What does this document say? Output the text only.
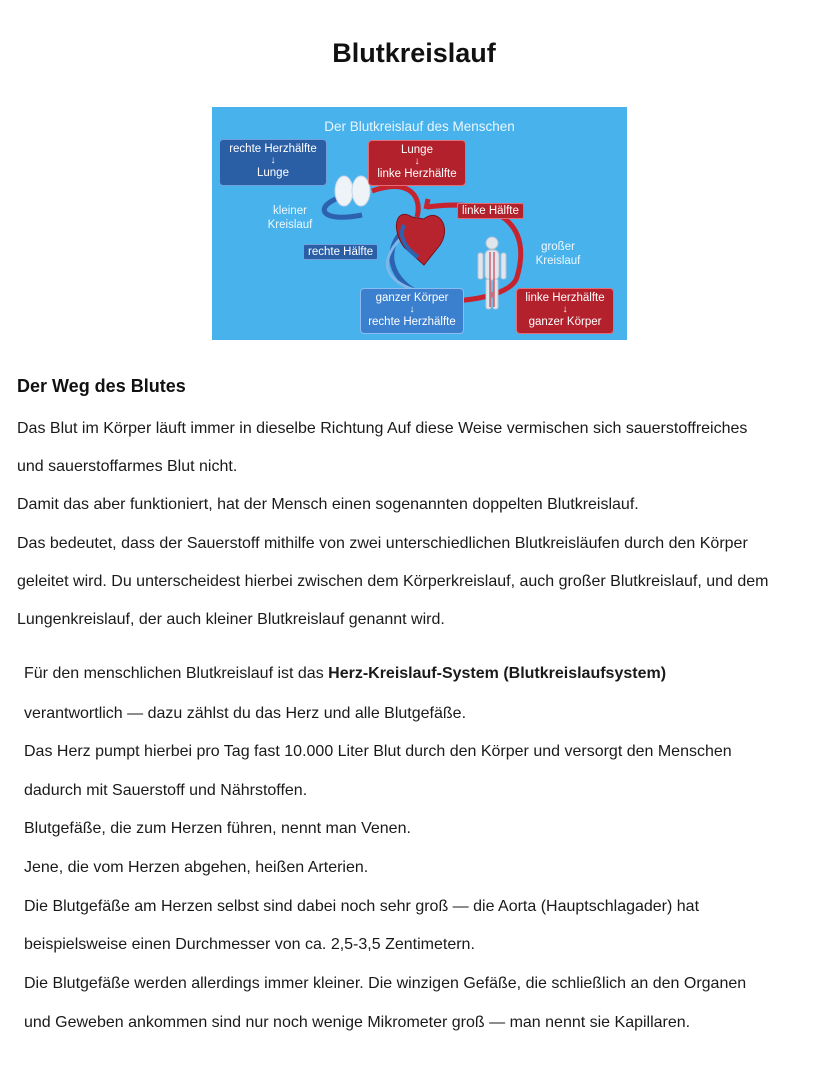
Blutkreislauf
Der Blutkreislauf des Menschen
rechte Herzhälfte
↓
Lunge
Lunge
↓
linke Herzhälfte
kleiner
Kreislauf
linke Hälfte
rechte Hälfte	großer
Kreislauf
ganzer Körper
↓
rechte Herzhälfte
linke Herzhälfte
↓
ganzer Körper
Der Weg des Blutes

Das Blut im Körper läuft immer in dieselbe Richtung Auf diese Weise vermischen sich sauerstoffreiches

und sauerstoffarmes Blut nicht.

Damit das aber funktioniert, hat der Mensch einen sogenannten doppelten Blutkreislauf.

Das bedeutet, dass der Sauerstoff mithilfe von zwei unterschiedlichen Blutkreisläufen durch den Körper

geleitet wird. Du unterscheidest hierbei zwischen dem Körperkreislauf, auch großer Blutkreislauf, und dem

Lungenkreislauf, der auch kleiner Blutkreislauf genannt wird.

Für den menschlichen Blutkreislauf ist das Herz-Kreislauf-System (Blutkreislaufsystem)

verantwortlich — dazu zählst du das Herz und alle Blutgefäße.

Das Herz pumpt hierbei pro Tag fast 10.000 Liter Blut durch den Körper und versorgt den Menschen

dadurch mit Sauerstoff und Nährstoffen.

Blutgefäße, die zum Herzen führen, nennt man Venen.

Jene, die vom Herzen abgehen, heißen Arterien.

Die Blutgefäße am Herzen selbst sind dabei noch sehr groß — die Aorta (Hauptschlagader) hat

beispielsweise einen Durchmesser von ca. 2,5-3,5 Zentimetern.

Die Blutgefäße werden allerdings immer kleiner. Die winzigen Gefäße, die schließlich an den Organen

und Geweben ankommen sind nur noch wenige Mikrometer groß — man nennt sie Kapillaren.
